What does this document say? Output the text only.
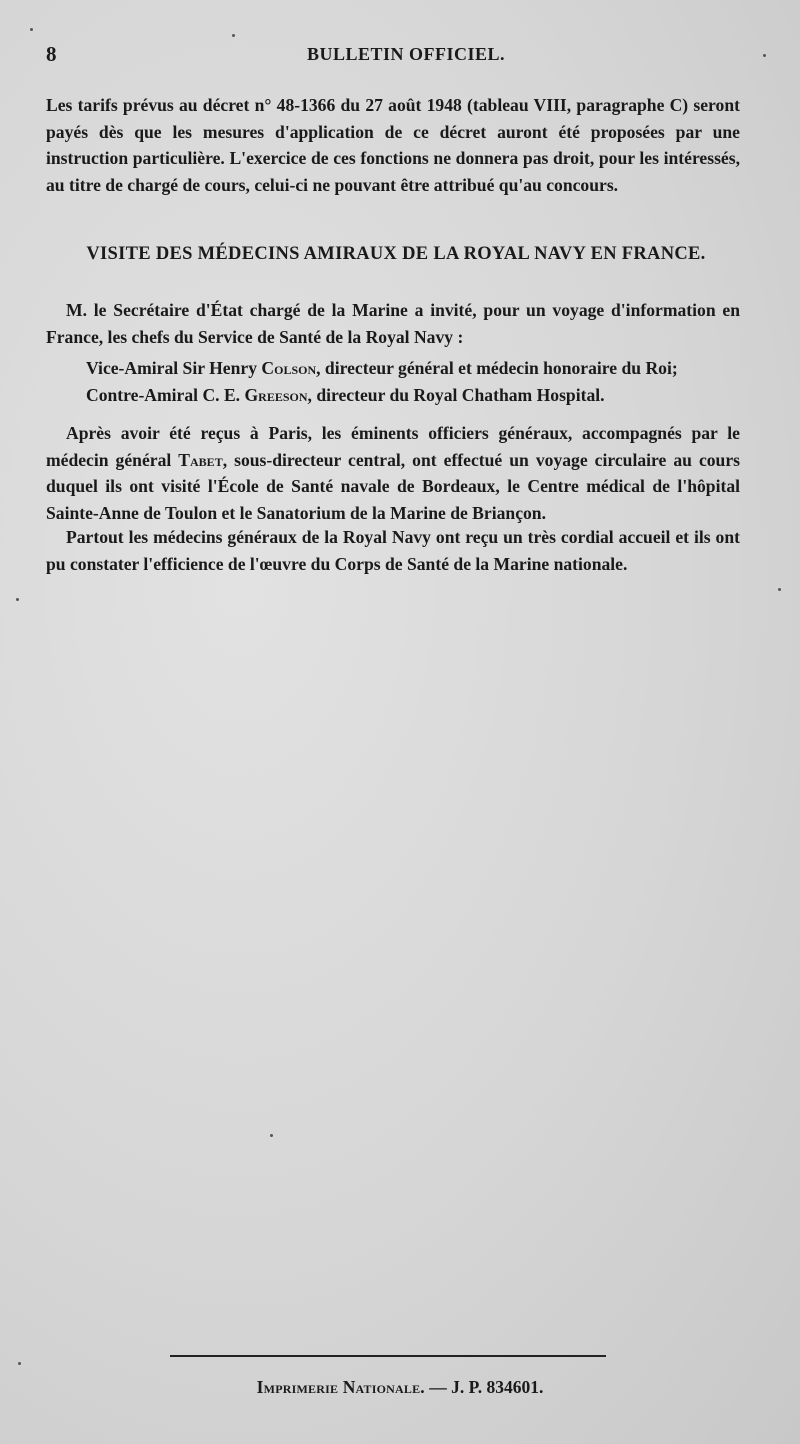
8	BULLETIN OFFICIEL.

Les tarifs prévus au décret n° 48-1366 du 27 août 1948 (tableau VIII, paragraphe C) seront payés dès que les mesures d'application de ce décret auront été proposées par une instruction particulière. L'exercice de ces fonctions ne donnera pas droit, pour les intéressés, au titre de chargé de cours, celui-ci ne pouvant être attribué qu'au concours.

VISITE DES MÉDECINS AMIRAUX DE LA ROYAL NAVY EN FRANCE.

M. le Secrétaire d'État chargé de la Marine a invité, pour un voyage d'information en France, les chefs du Service de Santé de la Royal Navy :

Vice-Amiral Sir Henry Colson, directeur général et médecin honoraire du Roi;
Contre-Amiral C. E. Greeson, directeur du Royal Chatham Hospital.

Après avoir été reçus à Paris, les éminents officiers généraux, accompagnés par le médecin général Tabet, sous-directeur central, ont effectué un voyage circulaire au cours duquel ils ont visité l'École de Santé navale de Bordeaux, le Centre médical de l'hôpital Sainte-Anne de Toulon et le Sanatorium de la Marine de Briançon.

Partout les médecins généraux de la Royal Navy ont reçu un très cordial accueil et ils ont pu constater l'efficience de l'œuvre du Corps de Santé de la Marine nationale.

Imprimerie Nationale. — J. P. 834601.
